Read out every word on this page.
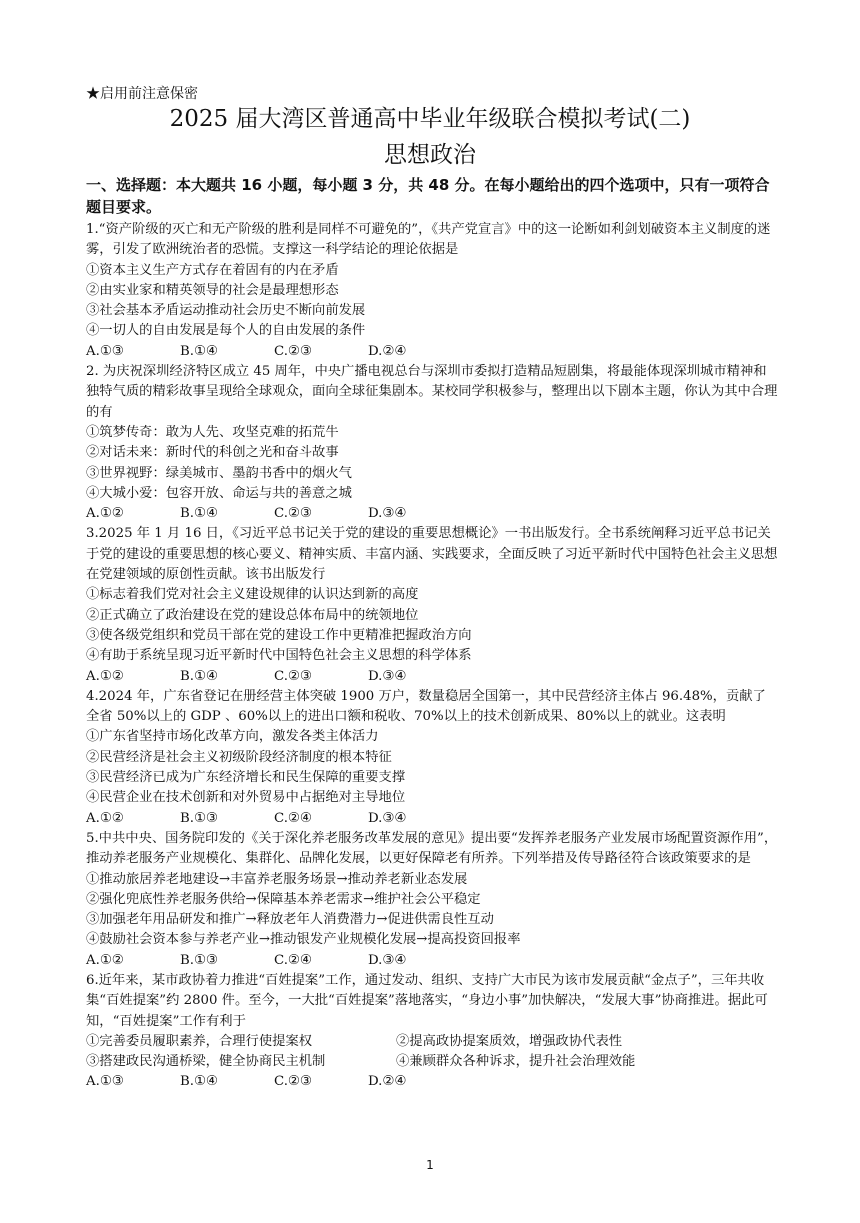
★启用前注意保密
2025 届大湾区普通高中毕业年级联合模拟考试(二)
思想政治
一、选择题：本大题共 16 小题，每小题 3 分，共 48 分。在每小题给出的四个选项中，只有一项符合题目要求。

1.“资产阶级的灭亡和无产阶级的胜利是同样不可避免的”，《共产党宣言》中的这一论断如利剑划破资本主义制度的迷雾，引发了欧洲统治者的恐慌。支撑这一科学结论的理论依据是

①资本主义生产方式存在着固有的内在矛盾

②由实业家和精英领导的社会是最理想形态

③社会基本矛盾运动推动社会历史不断向前发展

④一切人的自由发展是每个人的自由发展的条件

A.①③	B.①④	C.②③	D.②④

2. 为庆祝深圳经济特区成立 45 周年，中央广播电视总台与深圳市委拟打造精品短剧集，将最能体现深圳城市精神和独特气质的精彩故事呈现给全球观众，面向全球征集剧本。某校同学积极参与，整理出以下剧本主题，你认为其中合理的有

①筑梦传奇：敢为人先、攻坚克难的拓荒牛

②对话未来：新时代的科创之光和奋斗故事

③世界视野：绿美城市、墨韵书香中的烟火气

④大城小爱：包容开放、命运与共的善意之城

A.①②	B.①④	C.②③	D.③④

3.2025 年 1 月 16 日，《习近平总书记关于党的建设的重要思想概论》一书出版发行。全书系统阐释习近平总书记关于党的建设的重要思想的核心要义、精神实质、丰富内涵、实践要求，全面反映了习近平新时代中国特色社会主义思想在党建领域的原创性贡献。该书出版发行

①标志着我们党对社会主义建设规律的认识达到新的高度

②正式确立了政治建设在党的建设总体布局中的统领地位

③使各级党组织和党员干部在党的建设工作中更精准把握政治方向

④有助于系统呈现习近平新时代中国特色社会主义思想的科学体系

A.①②	B.①④	C.②③	D.③④

4.2024 年，广东省登记在册经营主体突破 1900 万户，数量稳居全国第一，其中民营经济主体占 96.48%，贡献了全省 50%以上的 GDP 、60%以上的进出口额和税收、70%以上的技术创新成果、80%以上的就业。这表明

①广东省坚持市场化改革方向，激发各类主体活力

②民营经济是社会主义初级阶段经济制度的根本特征

③民营经济已成为广东经济增长和民生保障的重要支撑

④民营企业在技术创新和对外贸易中占据绝对主导地位

A.①②	B.①③	C.②④	D.③④

5.中共中央、国务院印发的《关于深化养老服务改革发展的意见》提出要“发挥养老服务产业发展市场配置资源作用”，推动养老服务产业规模化、集群化、品牌化发展，以更好保障老有所养。下列举措及传导路径符合该政策要求的是

①推动旅居养老地建设→丰富养老服务场景→推动养老新业态发展

②强化兜底性养老服务供给→保障基本养老需求→维护社会公平稳定

③加强老年用品研发和推广→释放老年人消费潜力→促进供需良性互动

④鼓励社会资本参与养老产业→推动银发产业规模化发展→提高投资回报率

A.①②	B.①③	C.②④	D.③④

6.近年来，某市政协着力推进“百姓提案”工作，通过发动、组织、支持广大市民为该市发展贡献“金点子”，三年共收集“百姓提案”约 2800 件。至今，一大批“百姓提案”落地落实，“身边小事”加快解决，“发展大事”协商推进。据此可知，“百姓提案”工作有利于

①完善委员履职素养，合理行使提案权	②提高政协提案质效，增强政协代表性
③搭建政民沟通桥梁，健全协商民主机制	④兼顾群众各种诉求，提升社会治理效能
A.①③	B.①④	C.②③	D.②④
1
